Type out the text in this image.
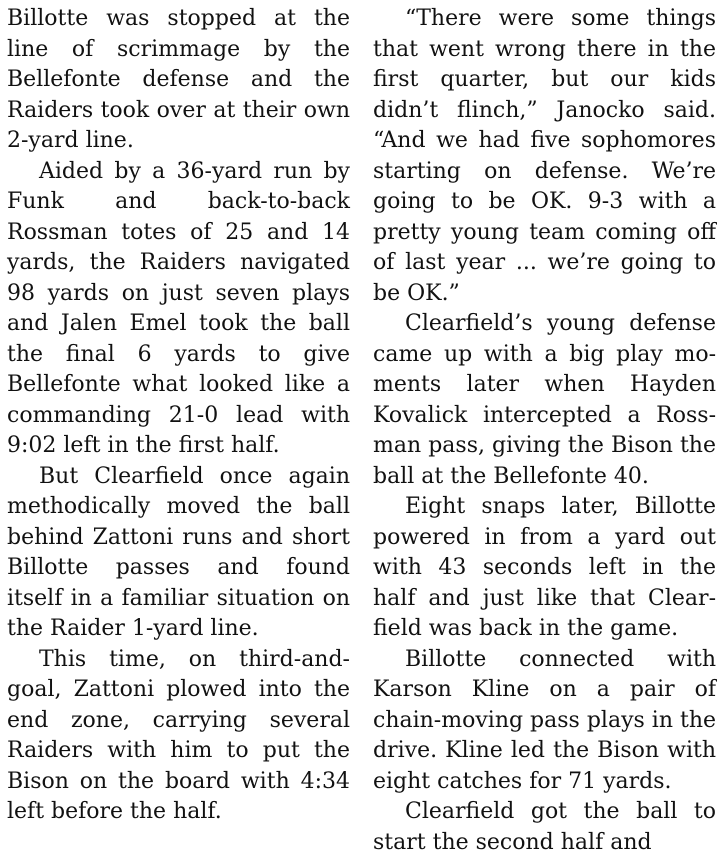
Billotte was stopped at the line of scrimmage by the Bellefonte defense and the Raiders took over at their own 2-yard line.

Aided by a 36-yard run by Funk and back-to-back Rossman totes of 25 and 14 yards, the Raiders navigated 98 yards on just seven plays and Jalen Emel took the ball the final 6 yards to give Bellefonte what looked like a commanding 21-0 lead with 9:02 left in the first half.

But Clearfield once again methodically moved the ball behind Zattoni runs and short Billotte passes and found itself in a familiar situation on the Raider 1-yard line.

This time, on third-and-goal, Zattoni plowed into the end zone, carrying several Raiders with him to put the Bison on the board with 4:34 left before the half.

“There were some things that went wrong there in the first quarter, but our kids didn’t flinch,” Janocko said. “And we had five sophomores starting on defense. We’re going to be OK. 9-3 with a pretty young team coming off of last year ... we’re going to be OK.”

Clearfield’s young defense came up with a big play moments later when Hayden Kovalick intercepted a Rossman pass, giving the Bison the ball at the Bellefonte 40.

Eight snaps later, Billotte powered in from a yard out with 43 seconds left in the half and just like that Clearfield was back in the game.

Billotte connected with Karson Kline on a pair of chain-moving pass plays in the drive. Kline led the Bison with eight catches for 71 yards.

Clearfield got the ball to start the second half and
